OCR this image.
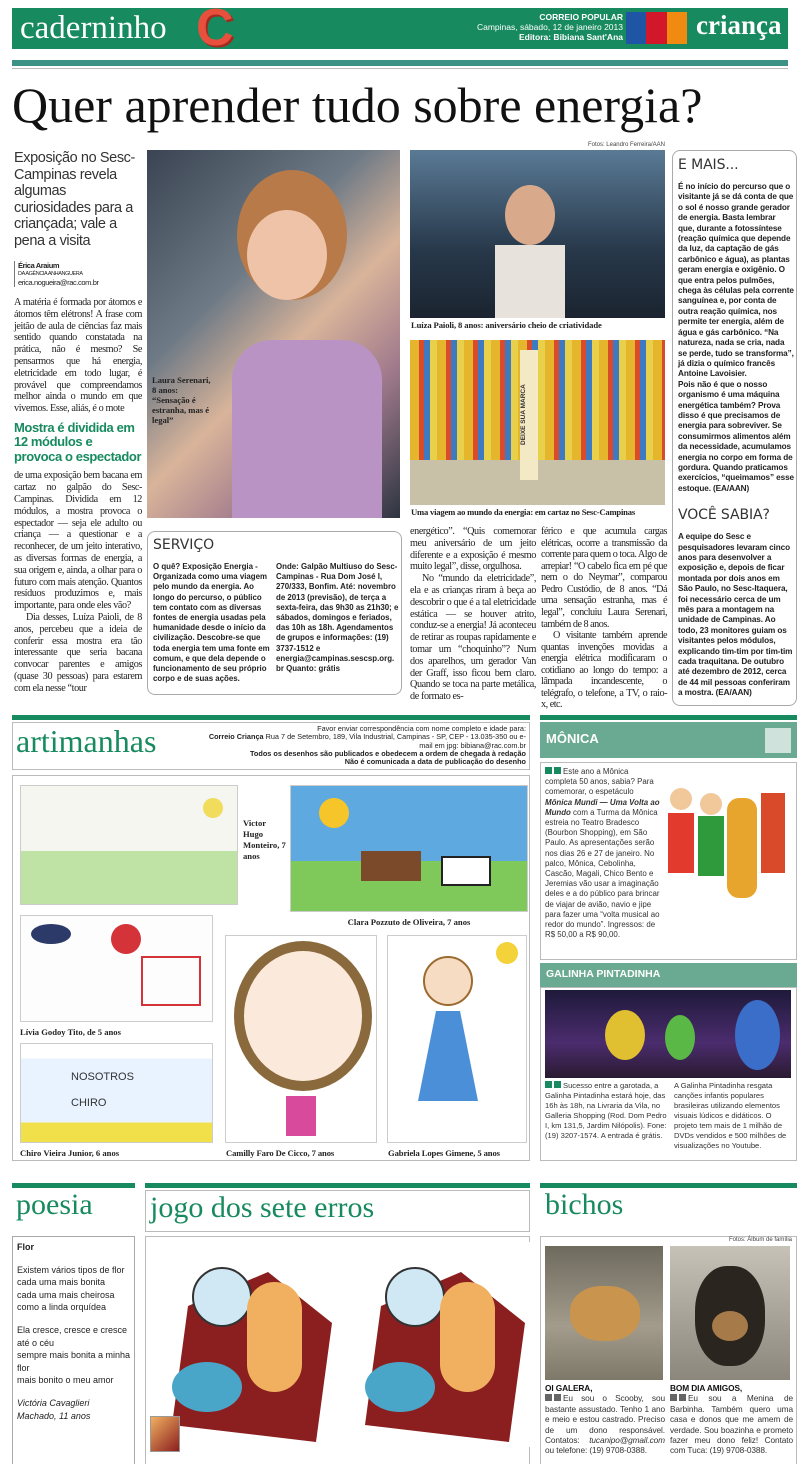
caderninho C	CORREIO POPULAR
Campinas, sábado, 12 de janeiro 2013
Editora: Bibiana Sant'Ana	criança
Quer aprender tudo sobre energia?
Exposição no Sesc-Campinas revela algumas curiosidades para a criançada; vale a pena a visita
Érica Araium
DA AGÊNCIA ANHANGUERA
erica.nogueira@rac.com.br

A matéria é formada por átomos e átomos têm elétrons! A frase com jeitão de aula de ciências faz mais sentido quando constatada na prática, não é mesmo? Se pensarmos que há energia, eletricidade em todo lugar, é provável que compreendamos melhor ainda o mundo em que vivemos. Esse, aliás, é o mote

Mostra é dividida em 12 módulos e provoca o espectador

de uma exposição bem bacana em cartaz no galpão do Sesc-Campinas. Dividida em 12 módulos, a mostra provoca o espectador — seja ele adulto ou criança — a questionar e a reconhecer, de um jeito interativo, as diversas formas de energia, a sua origem e, ainda, a olhar para o futuro com mais atenção. Quantos resíduos produzimos e, mais importante, para onde eles vão?

Dia desses, Luíza Paioli, de 8 anos, percebeu que a ideia de conferir essa mostra era tão interessante que seria bacana convocar parentes e amigos (quase 30 pessoas) para estarem com ela nesse “tour

Fotos: Leandro Ferreira/AAN
Laura Serenari, 8 anos: “Sensação é estranha, mas é legal”
Luíza Paioli, 8 anos: aniversário cheio de criatividade
DEIXE SUA MARCA
Uma viagem ao mundo da energia: em cartaz no Sesc-Campinas
E MAIS...
É no início do percurso que o visitante já se dá conta de que o sol é nosso grande gerador de energia. Basta lembrar que, durante a fotossíntese (reação química que depende da luz, da captação de gás carbônico e água), as plantas geram energia e oxigênio. O que entra pelos pulmões, chega às células pela corrente sanguínea e, por conta de outra reação química, nos permite ter energia, além de água e gás carbônico. “Na natureza, nada se cria, nada se perde, tudo se transforma”, já dizia o químico francês Antoine Lavoisier.
Pois não é que o nosso organismo é uma máquina energética também? Prova disso é que precisamos de energia para sobreviver. Se consumirmos alimentos além da necessidade, acumulamos energia no corpo em forma de gordura. Quando praticamos exercícios, “queimamos” esse estoque. (EA/AAN)
VOCÊ SABIA?
A equipe do Sesc e pesquisadores levaram cinco anos para desenvolver a exposição e, depois de ficar montada por dois anos em São Paulo, no Sesc-Itaquera, foi necessário cerca de um mês para a montagem na unidade de Campinas. Ao todo, 23 monitores guiam os visitantes pelos módulos, explicando tim-tim por tim-tim cada traquitana. De outubro até dezembro de 2012, cerca de 44 mil pessoas conferiram a mostra. (EA/AAN)
SERVIÇO
O quê? Exposição Energia - Organizada como uma viagem pelo mundo da energia. Ao longo do percurso, o público tem contato com as diversas fontes de energia usadas pela humanidade desde o início da civilização. Descobre-se que toda energia tem uma fonte em comum, e que dela depende o funcionamento de seu próprio corpo e de suas ações.
Onde: Galpão Multiuso do Sesc-Campinas - Rua Dom José I, 270/333, Bonfim. Até: novembro de 2013 (previsão), de terça a sexta-feira, das 9h30 as 21h30; e sábados, domingos e feriados, das 10h as 18h. Agendamentos de grupos e informações: (19) 3737-1512 e energia@campinas.sescsp.org.br Quanto: grátis

energético”. “Quis comemorar meu aniversário de um jeito diferente e a exposição é mesmo muito legal”, disse, orgulhosa.

No “mundo da eletricidade”, ela e as crianças riram à beça ao descobrir o que é a tal eletricidade estática — se houver atrito, conduz-se a energia! Já aconteceu de retirar as roupas rapidamente e tomar um “choquinho”? Num dos aparelhos, um gerador Van der Graff, isso ficou bem claro. Quando se toca na parte metálica, de formato es-

férico e que acumula cargas elétricas, ocorre a transmissão da corrente para quem o toca. Algo de arrepiar! “O cabelo fica em pé que nem o do Neymar”, comparou Pedro Custódio, de 8 anos. “Dá uma sensação estranha, mas é legal”, concluiu Laura Serenari, também de 8 anos.

O visitante também aprende quantas invenções movidas a energia elétrica modificaram o cotidiano ao longo do tempo: a lâmpada incandescente, o telégrafo, o telefone, a TV, o raio-x, etc.

artimanhas	Favor enviar correspondência com nome completo e idade para:
Correio Criança Rua 7 de Setembro, 189, Vila Industrial, Campinas - SP, CEP - 13.035-350 ou e-mail em jpg: bibiana@rac.com.br
Todos os desenhos são publicados e obedecem a ordem de chegada à redação
Não é comunicada a data de publicação do desenho
Victor Hugo Monteiro, 7 anos
Clara Pozzuto de Oliveira, 7 anos
Lívia Godoy Tito, de 5 anos
NOSOTROS CHIRO
Chiro Vieira Junior, 6 anos	Camilly Faro De Cicco, 7 anos	Gabriela Lopes Gimene, 5 anos
MÔNICA
Este ano a Mônica completa 50 anos, sabia? Para comemorar, o espetáculo Mônica Mundi — Uma Volta ao Mundo com a Turma da Mônica estreia no Teatro Bradesco (Bourbon Shopping), em São Paulo. As apresentações serão nos dias 26 e 27 de janeiro. No palco, Mônica, Cebolinha, Cascão, Magali, Chico Bento e Jeremias vão usar a imaginação deles e a do público para brincar de viajar de avião, navio e jipe para fazer uma “volta musical ao redor do mundo”. Ingressos: de R$ 50,00 a R$ 90,00.
GALINHA PINTADINHA
Sucesso entre a garotada, a Galinha Pintadinha estará hoje, das 16h às 18h, na Livraria da Vila, no Galleria Shopping (Rod. Dom Pedro I, km 131,5, Jardim Nilópolis). Fone: (19) 3207-1574. A entrada é grátis.
A Galinha Pintadinha resgata canções infantis populares brasileiras utilizando elementos visuais lúdicos e didáticos. O projeto tem mais de 1 milhão de DVDs vendidos e 500 milhões de visualizações no Youtube.
poesia
Flor
Existem vários tipos de flor
cada uma mais bonita
cada uma mais cheirosa
como a linda orquídea
Ela cresce, cresce e cresce
até o céu
sempre mais bonita a minha flor
mais bonito o meu amor
Victória Cavaglieri Machado, 11 anos
jogo dos sete erros	bichos
Fotos: Álbum de família
OI GALERA,
Eu sou o Scooby, sou bastante assustado. Tenho 1 ano e meio e estou castrado. Preciso de um dono responsável. Contatos: tucanipo@gmail.com ou telefone: (19) 9708-0388.
BOM DIA AMIGOS,
Eu sou a Menina de Barbinha. Também quero uma casa e donos que me amem de verdade. Sou boazinha e prometo fazer meu dono feliz! Contato com Tuca: (19) 9708-0388.
